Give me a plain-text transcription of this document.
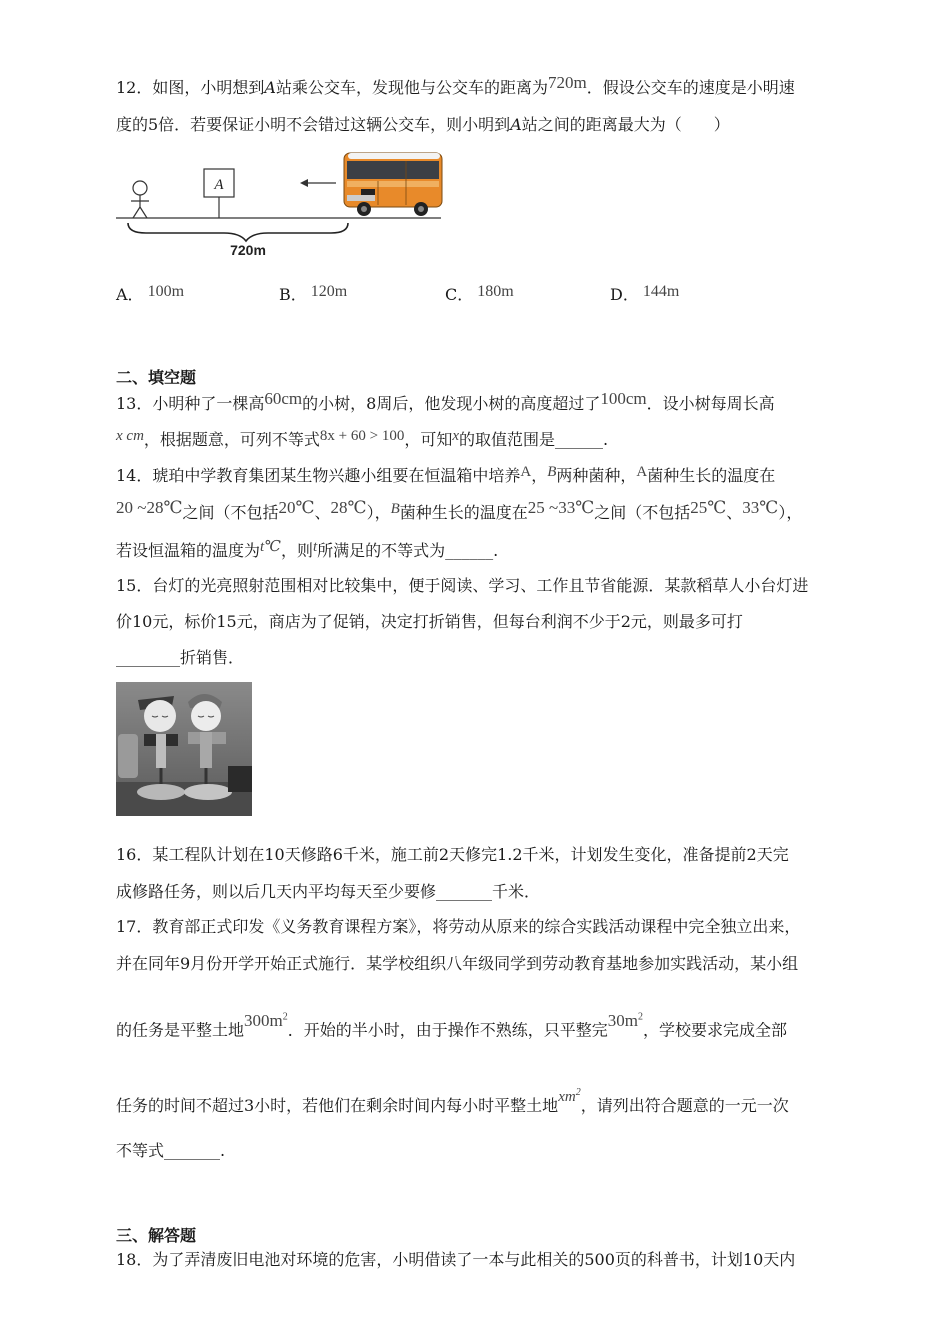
12．如图，小明想到A站乘公交车，发现他与公交车的距离为720m．假设公交车的速度是小明速
度的5倍．若要保证小明不会错过这辆公交车，则小明到A站之间的距离最大为（　　）
A
720m
A． 100m	B． 120m	C． 180m	D． 144m
二、填空题
13．小明种了一棵高60cm的小树，8周后，他发现小树的高度超过了100cm．设小树每周长高
x cm，根据题意，可列不等式8x + 60 > 100，可知x的取值范围是______.
14．琥珀中学教育集团某生物兴趣小组要在恒温箱中培养A，B两种菌种，A菌种生长的温度在
20 ~28℃之间（不包括20℃、28℃），B菌种生长的温度在25 ~33℃之间（不包括25℃、33℃），
若设恒温箱的温度为t℃，则t所满足的不等式为______.
15．台灯的光亮照射范围相对比较集中，便于阅读、学习、工作且节省能源．某款稻草人小台灯进
价10元，标价15元，商店为了促销，决定打折销售，但每台利润不少于2元，则最多可打
________折销售．
16．某工程队计划在10天修路6千米，施工前2天修完1.2千米，计划发生变化，准备提前2天完
成修路任务，则以后几天内平均每天至少要修_______千米．
17．教育部正式印发《义务教育课程方案》，将劳动从原来的综合实践活动课程中完全独立出来，
并在同年9月份开学开始正式施行．某学校组织八年级同学到劳动教育基地参加实践活动，某小组
的任务是平整土地$300m^2$．开始的半小时，由于操作不熟练，只平整完$30m^2$，学校要求完成全部
任务的时间不超过3小时，若他们在剩余时间内每小时平整土地$xm^2$，请列出符合题意的一元一次
不等式_______.
三、解答题
18．为了弄清废旧电池对环境的危害，小明借读了一本与此相关的500页的科普书，计划10天内
